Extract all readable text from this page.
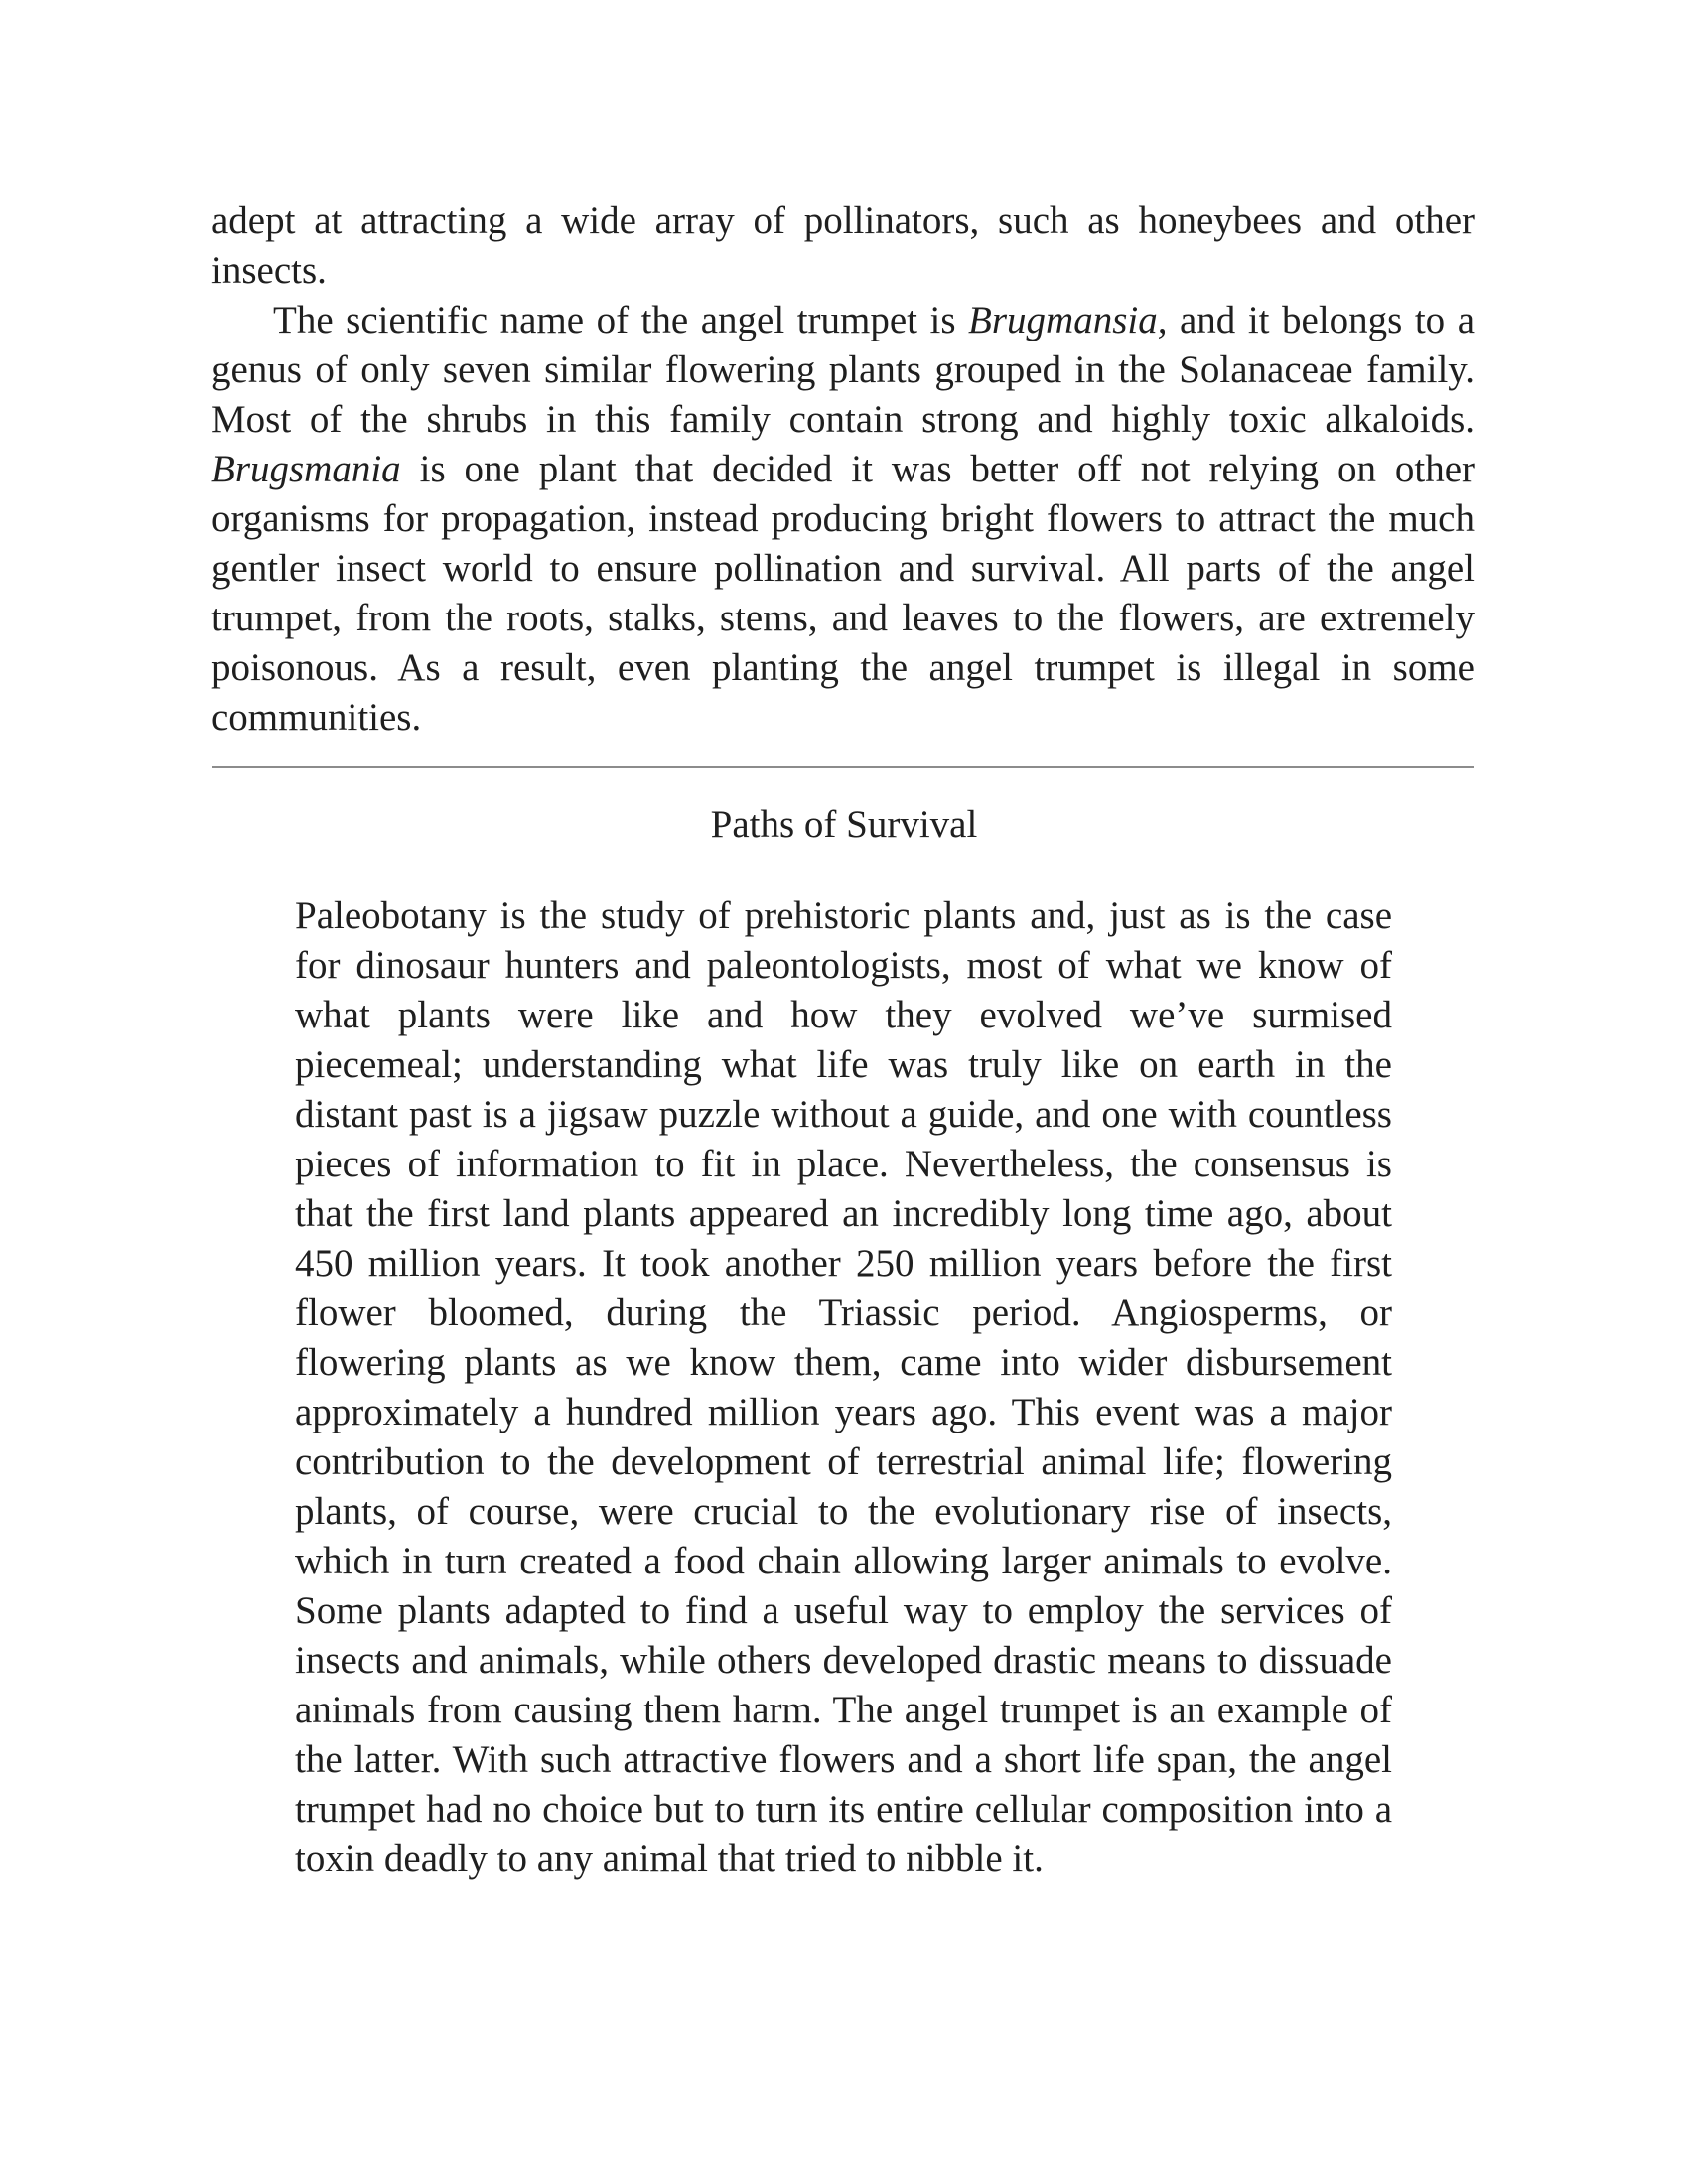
adept at attracting a wide array of pollinators, such as honeybees and other insects.

The scientific name of the angel trumpet is Brugmansia, and it belongs to a genus of only seven similar flowering plants grouped in the Solanaceae family. Most of the shrubs in this family contain strong and highly toxic alkaloids. Brugsmania is one plant that decided it was better off not relying on other organisms for propagation, instead producing bright flowers to attract the much gentler insect world to ensure pollination and survival. All parts of the angel trumpet, from the roots, stalks, stems, and leaves to the flowers, are extremely poisonous. As a result, even planting the angel trumpet is illegal in some communities.

Paths of Survival

Paleobotany is the study of prehistoric plants and, just as is the case for dinosaur hunters and paleontologists, most of what we know of what plants were like and how they evolved we’ve surmised piecemeal; understanding what life was truly like on earth in the distant past is a jigsaw puzzle without a guide, and one with countless pieces of information to fit in place. Nevertheless, the consensus is that the first land plants appeared an incredibly long time ago, about 450 million years. It took another 250 million years before the first flower bloomed, during the Triassic period. Angiosperms, or flowering plants as we know them, came into wider disbursement approximately a hundred million years ago. This event was a major contribution to the development of terrestrial animal life; flowering plants, of course, were crucial to the evolutionary rise of insects, which in turn created a food chain allowing larger animals to evolve. Some plants adapted to find a useful way to employ the services of insects and animals, while others developed drastic means to dissuade animals from causing them harm. The angel trumpet is an example of the latter. With such attractive flowers and a short life span, the angel trumpet had no choice but to turn its entire cellular composition into a toxin deadly to any animal that tried to nibble it.
